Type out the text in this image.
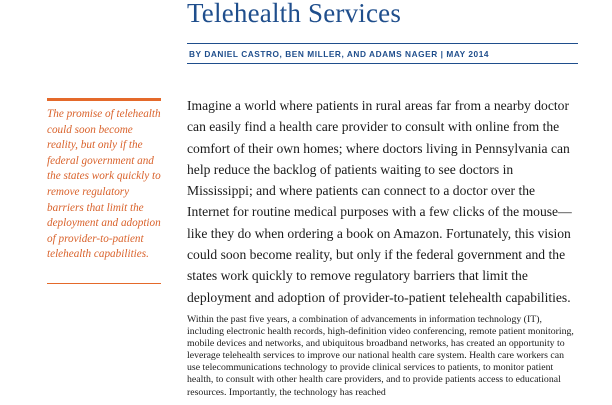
Telehealth Services
BY DANIEL CASTRO, BEN MILLER, AND ADAMS NAGER | MAY 2014
The promise of telehealth could soon become reality, but only if the federal government and the states work quickly to remove regulatory barriers that limit the deployment and adoption of provider-to-patient telehealth capabilities.

Imagine a world where patients in rural areas far from a nearby doctor can easily find a health care provider to consult with online from the comfort of their own homes; where doctors living in Pennsylvania can help reduce the backlog of patients waiting to see doctors in Mississippi; and where patients can connect to a doctor over the Internet for routine medical purposes with a few clicks of the mouse—like they do when ordering a book on Amazon. Fortunately, this vision could soon become reality, but only if the federal government and the states work quickly to remove regulatory barriers that limit the deployment and adoption of provider-to-patient telehealth capabilities.

Within the past five years, a combination of advancements in information technology (IT), including electronic health records, high-definition video conferencing, remote patient monitoring, mobile devices and networks, and ubiquitous broadband networks, has created an opportunity to leverage telehealth services to improve our national health care system. Health care workers can use telecommunications technology to provide clinical services to patients, to monitor patient health, to consult with other health care providers, and to provide patients access to educational resources. Importantly, the technology has reached
